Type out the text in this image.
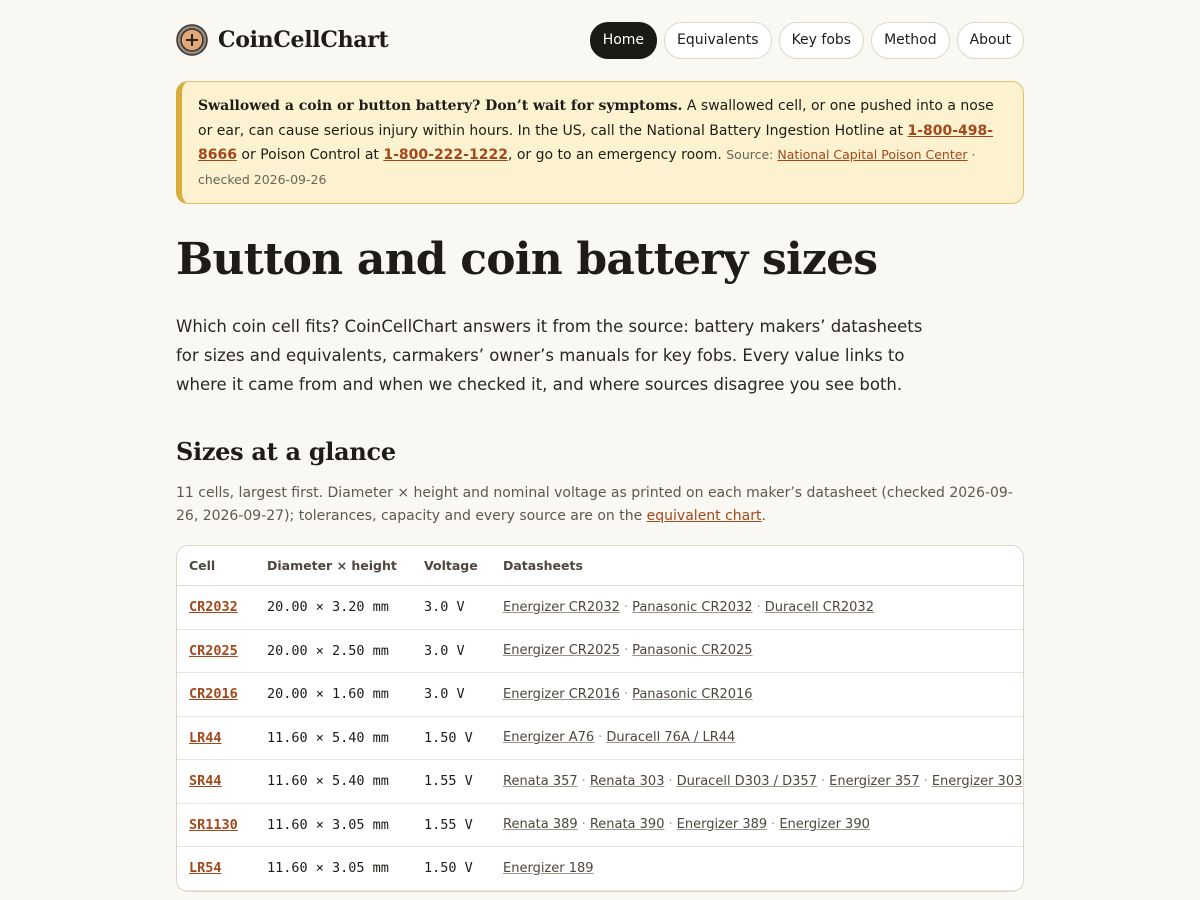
CoinCellChart	Home	Equivalents	Key fobs	Method	About
Swallowed a coin or button battery? Don’t wait for symptoms. A swallowed cell, or one pushed into a nose or ear, can cause serious injury within hours. In the US, call the National Battery Ingestion Hotline at 1-800-498-8666 or Poison Control at 1-800-222-1222, or go to an emergency room. Source: National Capital Poison Center · checked 2026-09-26
Button and coin battery sizes

Which coin cell fits? CoinCellChart answers it from the source: battery makers’ datasheets for sizes and equivalents, carmakers’ owner’s manuals for key fobs. Every value links to where it came from and when we checked it, and where sources disagree you see both.

Sizes at a glance

11 cells, largest first. Diameter × height and nominal voltage as printed on each maker’s datasheet (checked 2026-09-26, 2026-09-27); tolerances, capacity and every source are on the equivalent chart.

Cell	Diameter × height	Voltage	Datasheets
CR2032	20.00 × 3.20 mm	3.0 V	Energizer CR2032 · Panasonic CR2032 · Duracell CR2032
CR2025	20.00 × 2.50 mm	3.0 V	Energizer CR2025 · Panasonic CR2025
CR2016	20.00 × 1.60 mm	3.0 V	Energizer CR2016 · Panasonic CR2016
LR44	11.60 × 5.40 mm	1.50 V	Energizer A76 · Duracell 76A / LR44
SR44	11.60 × 5.40 mm	1.55 V	Renata 357 · Renata 303 · Duracell D303 / D357 · Energizer 357 · Energizer 303
SR1130	11.60 × 3.05 mm	1.55 V	Renata 389 · Renata 390 · Energizer 389 · Energizer 390
LR54	11.60 × 3.05 mm	1.50 V	Energizer 189
